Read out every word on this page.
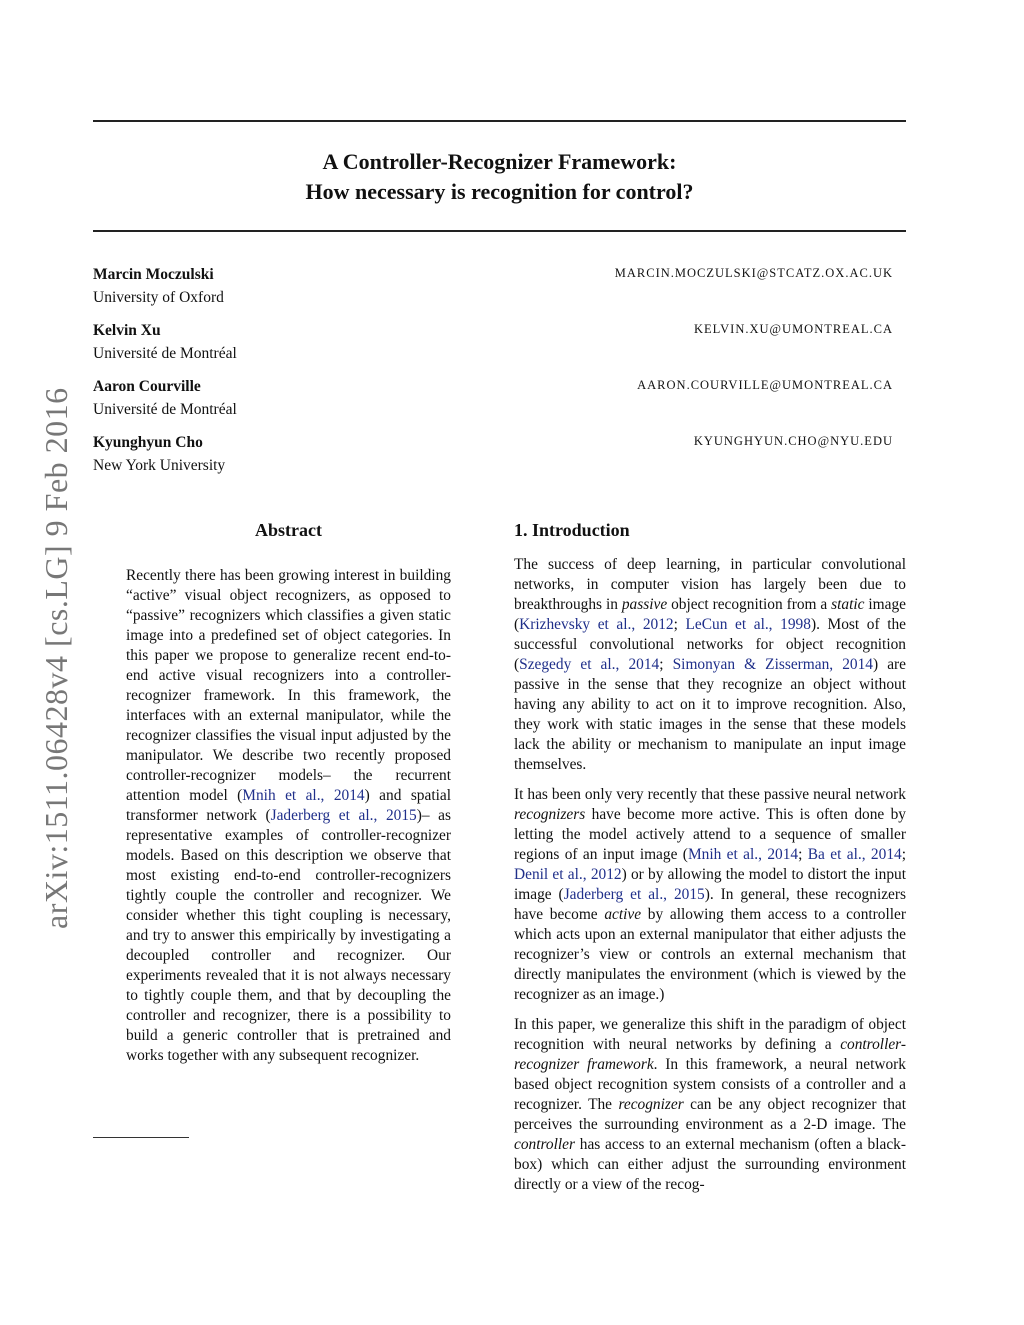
A Controller-Recognizer Framework:
How necessary is recognition for control?
arXiv:1511.06428v4 [cs.LG] 9 Feb 2016
Marcin Moczulski
University of Oxford
MARCIN.MOCZULSKI@STCATZ.OX.AC.UK
Kelvin Xu
Université de Montréal
KELVIN.XU@UMONTREAL.CA
Aaron Courville
Université de Montréal
AARON.COURVILLE@UMONTREAL.CA
Kyunghyun Cho
New York University
KYUNGHYUN.CHO@NYU.EDU
Abstract

Recently there has been growing interest in building “active” visual object recognizers, as opposed to “passive” recognizers which classifies a given static image into a predefined set of object categories. In this paper we propose to generalize recent end-to-end active visual recognizers into a controller-recognizer framework. In this framework, the interfaces with an external manipulator, while the recognizer classifies the visual input adjusted by the manipulator. We describe two recently proposed controller-recognizer models– the recurrent attention model (Mnih et al., 2014) and spatial transformer network (Jaderberg et al., 2015)– as representative examples of controller-recognizer models. Based on this description we observe that most existing end-to-end controller-recognizers tightly couple the controller and recognizer. We consider whether this tight coupling is necessary, and try to answer this empirically by investigating a decoupled controller and recognizer. Our experiments revealed that it is not always necessary to tightly couple them, and that by decoupling the controller and recognizer, there is a possibility to build a generic controller that is pretrained and works together with any subsequent recognizer.

1. Introduction

The success of deep learning, in particular convolutional networks, in computer vision has largely been due to breakthroughs in passive object recognition from a static image (Krizhevsky et al., 2012; LeCun et al., 1998). Most of the successful convolutional networks for object recognition (Szegedy et al., 2014; Simonyan & Zisserman, 2014) are passive in the sense that they recognize an object without having any ability to act on it to improve recognition. Also, they work with static images in the sense that these models lack the ability or mechanism to manipulate an input image themselves.

It has been only very recently that these passive neural network recognizers have become more active. This is often done by letting the model actively attend to a sequence of smaller regions of an input image (Mnih et al., 2014; Ba et al., 2014; Denil et al., 2012) or by allowing the model to distort the input image (Jaderberg et al., 2015). In general, these recognizers have become active by allowing them access to a controller which acts upon an external manipulator that either adjusts the recognizer’s view or controls an external mechanism that directly manipulates the environment (which is viewed by the recognizer as an image.)

In this paper, we generalize this shift in the paradigm of object recognition with neural networks by defining a controller-recognizer framework. In this framework, a neural network based object recognition system consists of a controller and a recognizer. The recognizer can be any object recognizer that perceives the surrounding environment as a 2-D image. The controller has access to an external mechanism (often a black-box) which can either adjust the surrounding environment directly or a view of the recog-
